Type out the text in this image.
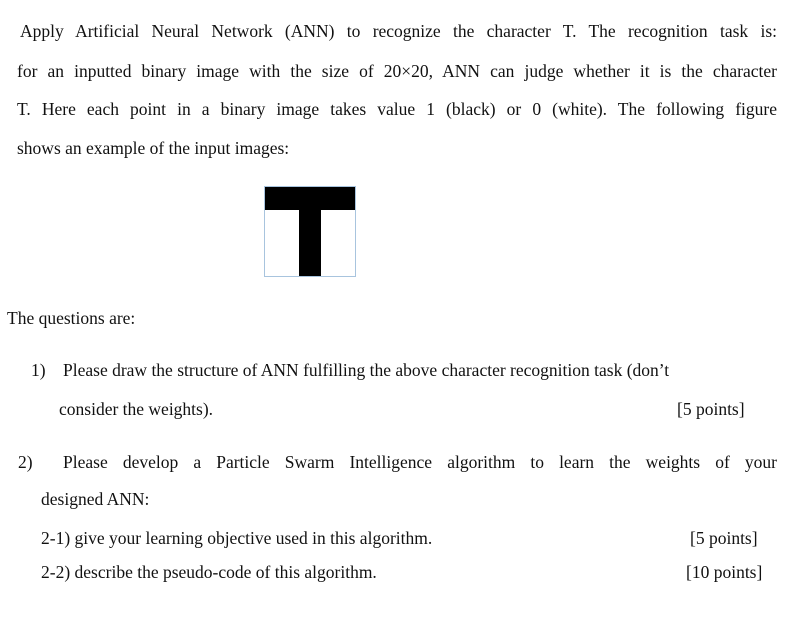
Apply Artificial Neural Network (ANN) to recognize the character T. The recognition task is:
for an inputted binary image with the size of 20×20, ANN can judge whether it is the character
T. Here each point in a binary image takes value 1 (black) or 0 (white). The following figure
shows an example of the input images:
The questions are:
1) Please draw the structure of ANN fulfilling the above character recognition task (don’t
consider the weights).	[5 points]
2) Please develop a Particle Swarm Intelligence algorithm to learn the weights of your
designed ANN:
2-1) give your learning objective used in this algorithm.	[5 points]
2-2) describe the pseudo-code of this algorithm.	[10 points]
